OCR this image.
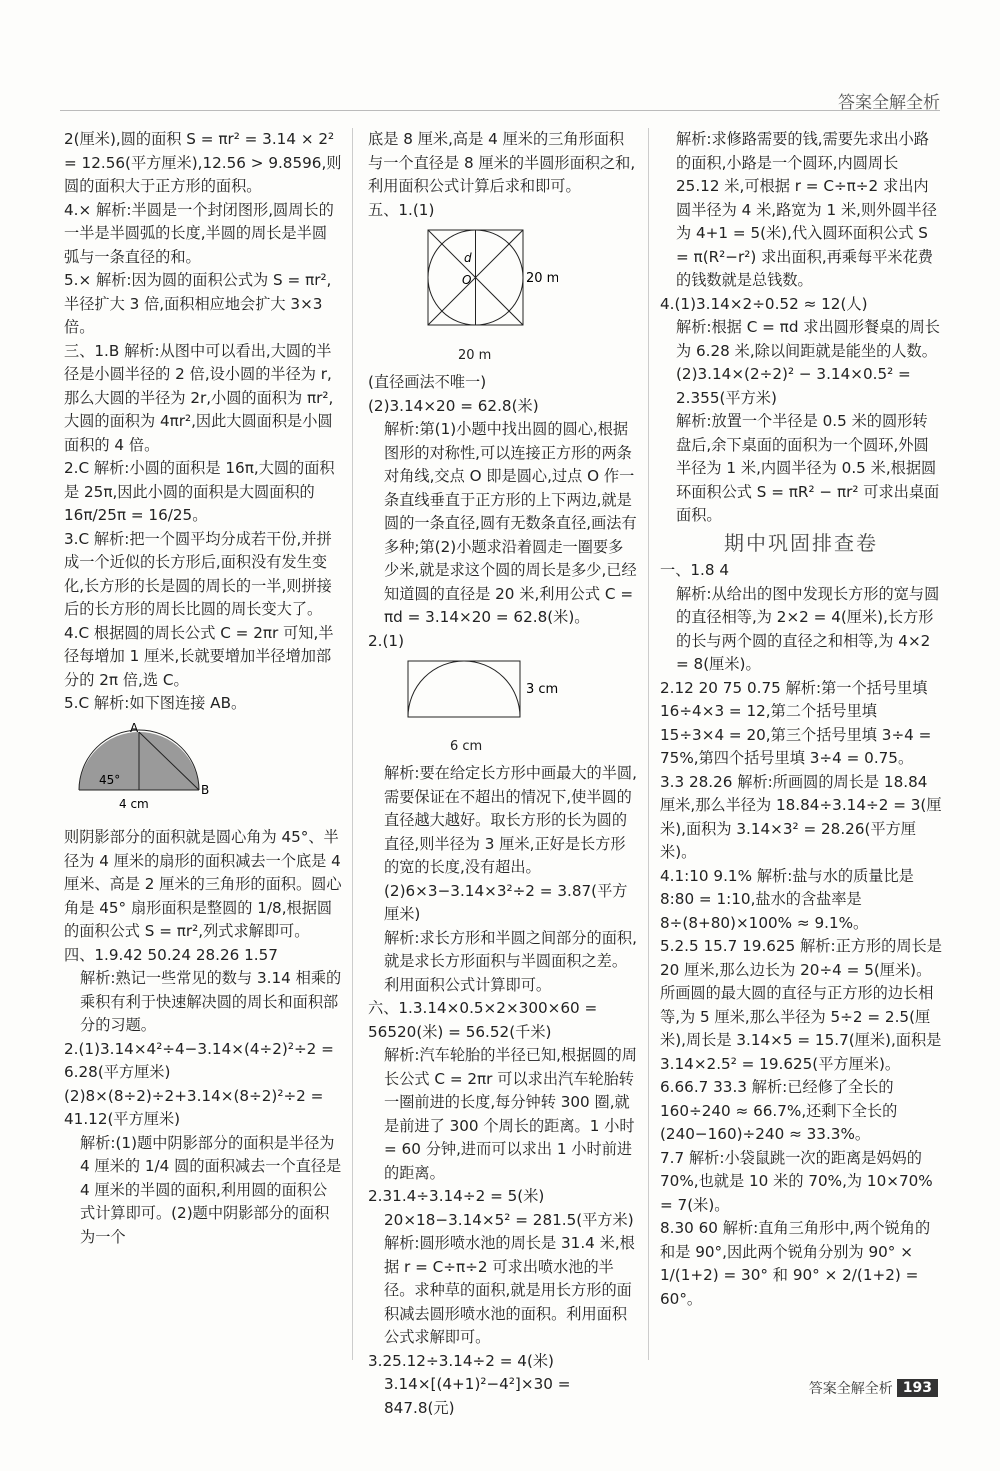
答案全解全析

2(厘米),圆的面积 S = πr² = 3.14 × 2² = 12.56(平方厘米),12.56 > 9.8596,则圆的面积大于正方形的面积。

4.× 解析:半圆是一个封闭图形,圆周长的一半是半圆弧的长度,半圆的周长是半圆弧与一条直径的和。

5.× 解析:因为圆的面积公式为 S = πr²,半径扩大 3 倍,面积相应地会扩大 3×3 倍。

三、1.B 解析:从图中可以看出,大圆的半径是小圆半径的 2 倍,设小圆的半径为 r,那么大圆的半径为 2r,小圆的面积为 πr²,大圆的面积为 4πr²,因此大圆面积是小圆面积的 4 倍。

2.C 解析:小圆的面积是 16π,大圆的面积是 25π,因此小圆的面积是大圆面积的 16π/25π = 16/25。

3.C 解析:把一个圆平均分成若干份,并拼成一个近似的长方形后,面积没有发生变化,长方形的长是圆的周长的一半,则拼接后的长方形的周长比圆的周长变大了。

4.C 根据圆的周长公式 C = 2πr 可知,半径每增加 1 厘米,长就要增加半径增加部分的 2π 倍,选 C。

5.C 解析:如下图连接 AB。

A
B
45°
4 cm

则阴影部分的面积就是圆心角为 45°、半径为 4 厘米的扇形的面积减去一个底是 4 厘米、高是 2 厘米的三角形的面积。圆心角是 45° 扇形面积是整圆的 1/8,根据圆的面积公式 S = πr²,列式求解即可。

四、1.9.42 50.24 28.26 1.57

解析:熟记一些常见的数与 3.14 相乘的乘积有利于快速解决圆的周长和面积部分的习题。

2.(1)3.14×4²÷4−3.14×(4÷2)²÷2 = 6.28(平方厘米)

(2)8×(8÷2)÷2+3.14×(8÷2)²÷2 = 41.12(平方厘米)

解析:(1)题中阴影部分的面积是半径为 4 厘米的 1/4 圆的面积减去一个直径是 4 厘米的半圆的面积,利用圆的面积公式计算即可。(2)题中阴影部分的面积为一个

底是 8 厘米,高是 4 厘米的三角形面积与一个直径是 8 厘米的半圆形面积之和,利用面积公式计算后求和即可。

五、1.(1)

d
O	20 m
20 m

(直径画法不唯一)

(2)3.14×20 = 62.8(米)

解析:第(1)小题中找出圆的圆心,根据图形的对称性,可以连接正方形的两条对角线,交点 O 即是圆心,过点 O 作一条直线垂直于正方形的上下两边,就是圆的一条直径,圆有无数条直径,画法有多种;第(2)小题求沿着圆走一圈要多少米,就是求这个圆的周长是多少,已经知道圆的直径是 20 米,利用公式 C = πd = 3.14×20 = 62.8(米)。

2.(1)

3 cm
6 cm

解析:要在给定长方形中画最大的半圆,需要保证在不超出的情况下,使半圆的直径越大越好。取长方形的长为圆的直径,则半径为 3 厘米,正好是长方形的宽的长度,没有超出。

(2)6×3−3.14×3²÷2 = 3.87(平方厘米)

解析:求长方形和半圆之间部分的面积,就是求长方形面积与半圆面积之差。利用面积公式计算即可。

六、1.3.14×0.5×2×300×60 = 56520(米) = 56.52(千米)

解析:汽车轮胎的半径已知,根据圆的周长公式 C = 2πr 可以求出汽车轮胎转一圈前进的长度,每分钟转 300 圈,就是前进了 300 个周长的距离。1 小时 = 60 分钟,进而可以求出 1 小时前进的距离。

2.31.4÷3.14÷2 = 5(米)

20×18−3.14×5² = 281.5(平方米)

解析:圆形喷水池的周长是 31.4 米,根据 r = C÷π÷2 可求出喷水池的半径。求种草的面积,就是用长方形的面积减去圆形喷水池的面积。利用面积公式求解即可。

3.25.12÷3.14÷2 = 4(米)

3.14×[(4+1)²−4²]×30 = 847.8(元)

解析:求修路需要的钱,需要先求出小路的面积,小路是一个圆环,内圆周长 25.12 米,可根据 r = C÷π÷2 求出内圆半径为 4 米,路宽为 1 米,则外圆半径为 4+1 = 5(米),代入圆环面积公式 S = π(R²−r²) 求出面积,再乘每平米花费的钱数就是总钱数。

4.(1)3.14×2÷0.52 ≈ 12(人)

解析:根据 C = πd 求出圆形餐桌的周长为 6.28 米,除以间距就是能坐的人数。

(2)3.14×(2÷2)² − 3.14×0.5² = 2.355(平方米)

解析:放置一个半径是 0.5 米的圆形转盘后,余下桌面的面积为一个圆环,外圆半径为 1 米,内圆半径为 0.5 米,根据圆环面积公式 S = πR² − πr² 可求出桌面面积。

期中巩固排查卷

一、1.8 4

解析:从给出的图中发现长方形的宽与圆的直径相等,为 2×2 = 4(厘米),长方形的长与两个圆的直径之和相等,为 4×2 = 8(厘米)。

2.12 20 75 0.75 解析:第一个括号里填 16÷4×3 = 12,第二个括号里填 15÷3×4 = 20,第三个括号里填 3÷4 = 75%,第四个括号里填 3÷4 = 0.75。

3.3 28.26 解析:所画圆的周长是 18.84 厘米,那么半径为 18.84÷3.14÷2 = 3(厘米),面积为 3.14×3² = 28.26(平方厘米)。

4.1:10 9.1% 解析:盐与水的质量比是 8:80 = 1:10,盐水的含盐率是 8÷(8+80)×100% ≈ 9.1%。

5.2.5 15.7 19.625 解析:正方形的周长是 20 厘米,那么边长为 20÷4 = 5(厘米)。所画圆的最大圆的直径与正方形的边长相等,为 5 厘米,那么半径为 5÷2 = 2.5(厘米),周长是 3.14×5 = 15.7(厘米),面积是 3.14×2.5² = 19.625(平方厘米)。

6.66.7 33.3 解析:已经修了全长的 160÷240 ≈ 66.7%,还剩下全长的 (240−160)÷240 ≈ 33.3%。

7.7 解析:小袋鼠跳一次的距离是妈妈的 70%,也就是 10 米的 70%,为 10×70% = 7(米)。

8.30 60 解析:直角三角形中,两个锐角的和是 90°,因此两个锐角分别为 90° × 1/(1+2) = 30° 和 90° × 2/(1+2) = 60°。

答案全解全析 193
